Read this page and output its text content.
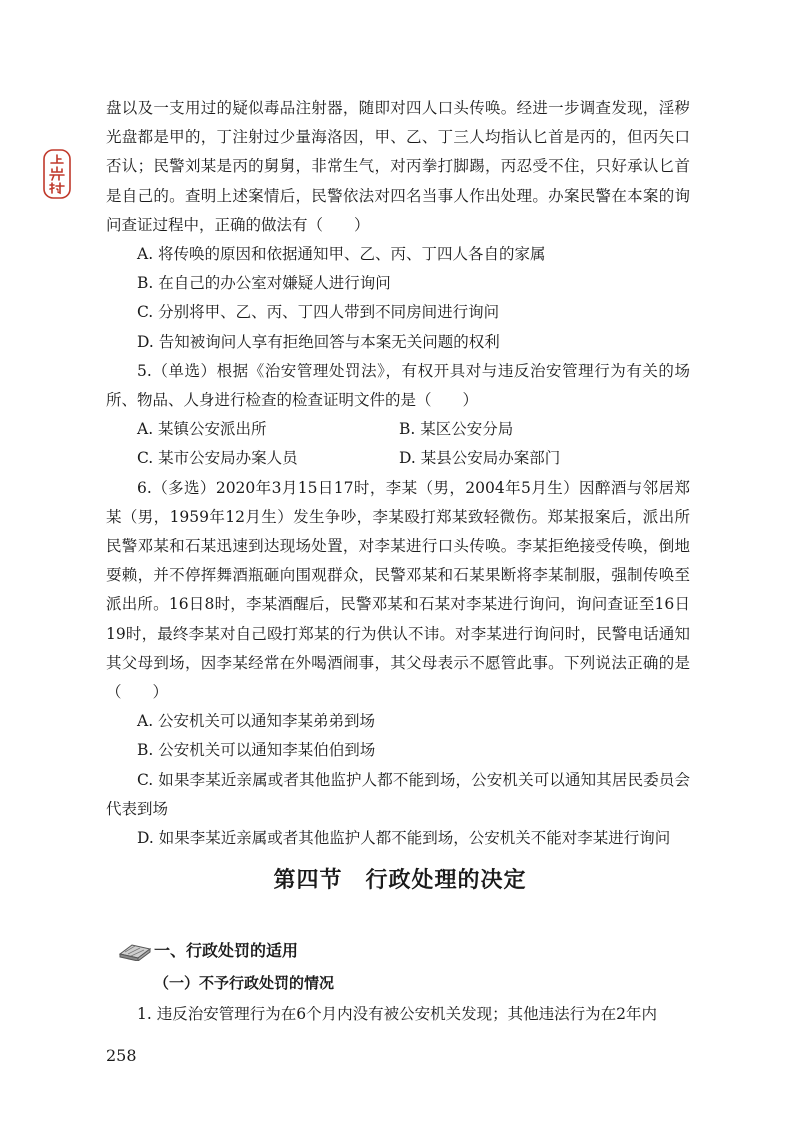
盘以及一支用过的疑似毒品注射器，随即对四人口头传唤。经进一步调查发现，淫秽光盘都是甲的，丁注射过少量海洛因，甲、乙、丁三人均指认匕首是丙的，但丙矢口否认；民警刘某是丙的舅舅，非常生气，对丙拳打脚踢，丙忍受不住，只好承认匕首是自己的。查明上述案情后，民警依法对四名当事人作出处理。办案民警在本案的询问查证过程中，正确的做法有（　　）

A. 将传唤的原因和依据通知甲、乙、丙、丁四人各自的家属

B. 在自己的办公室对嫌疑人进行询问

C. 分别将甲、乙、丙、丁四人带到不同房间进行询问

D. 告知被询问人享有拒绝回答与本案无关问题的权利

5.（单选）根据《治安管理处罚法》，有权开具对与违反治安管理行为有关的场所、物品、人身进行检查的检查证明文件的是（　　）

A. 某镇公安派出所	B. 某区公安分局
C. 某市公安局办案人员	D. 某县公安局办案部门

6.（多选）2020年3月15日17时，李某（男，2004年5月生）因醉酒与邻居郑某（男，1959年12月生）发生争吵，李某殴打郑某致轻微伤。郑某报案后，派出所民警邓某和石某迅速到达现场处置，对李某进行口头传唤。李某拒绝接受传唤，倒地耍赖，并不停挥舞酒瓶砸向围观群众，民警邓某和石某果断将李某制服，强制传唤至派出所。16日8时，李某酒醒后，民警邓某和石某对李某进行询问，询问查证至16日19时，最终李某对自己殴打郑某的行为供认不讳。对李某进行询问时，民警电话通知其父母到场，因李某经常在外喝酒闹事，其父母表示不愿管此事。下列说法正确的是（　　）

A. 公安机关可以通知李某弟弟到场

B. 公安机关可以通知李某伯伯到场

C. 如果李某近亲属或者其他监护人都不能到场，公安机关可以通知其居民委员会代表到场

D. 如果李某近亲属或者其他监护人都不能到场，公安机关不能对李某进行询问

第四节　行政处理的决定
一、行政处罚的适用
（一）不予行政处罚的情况

1. 违反治安管理行为在6个月内没有被公安机关发现；其他违法行为在2年内

258
